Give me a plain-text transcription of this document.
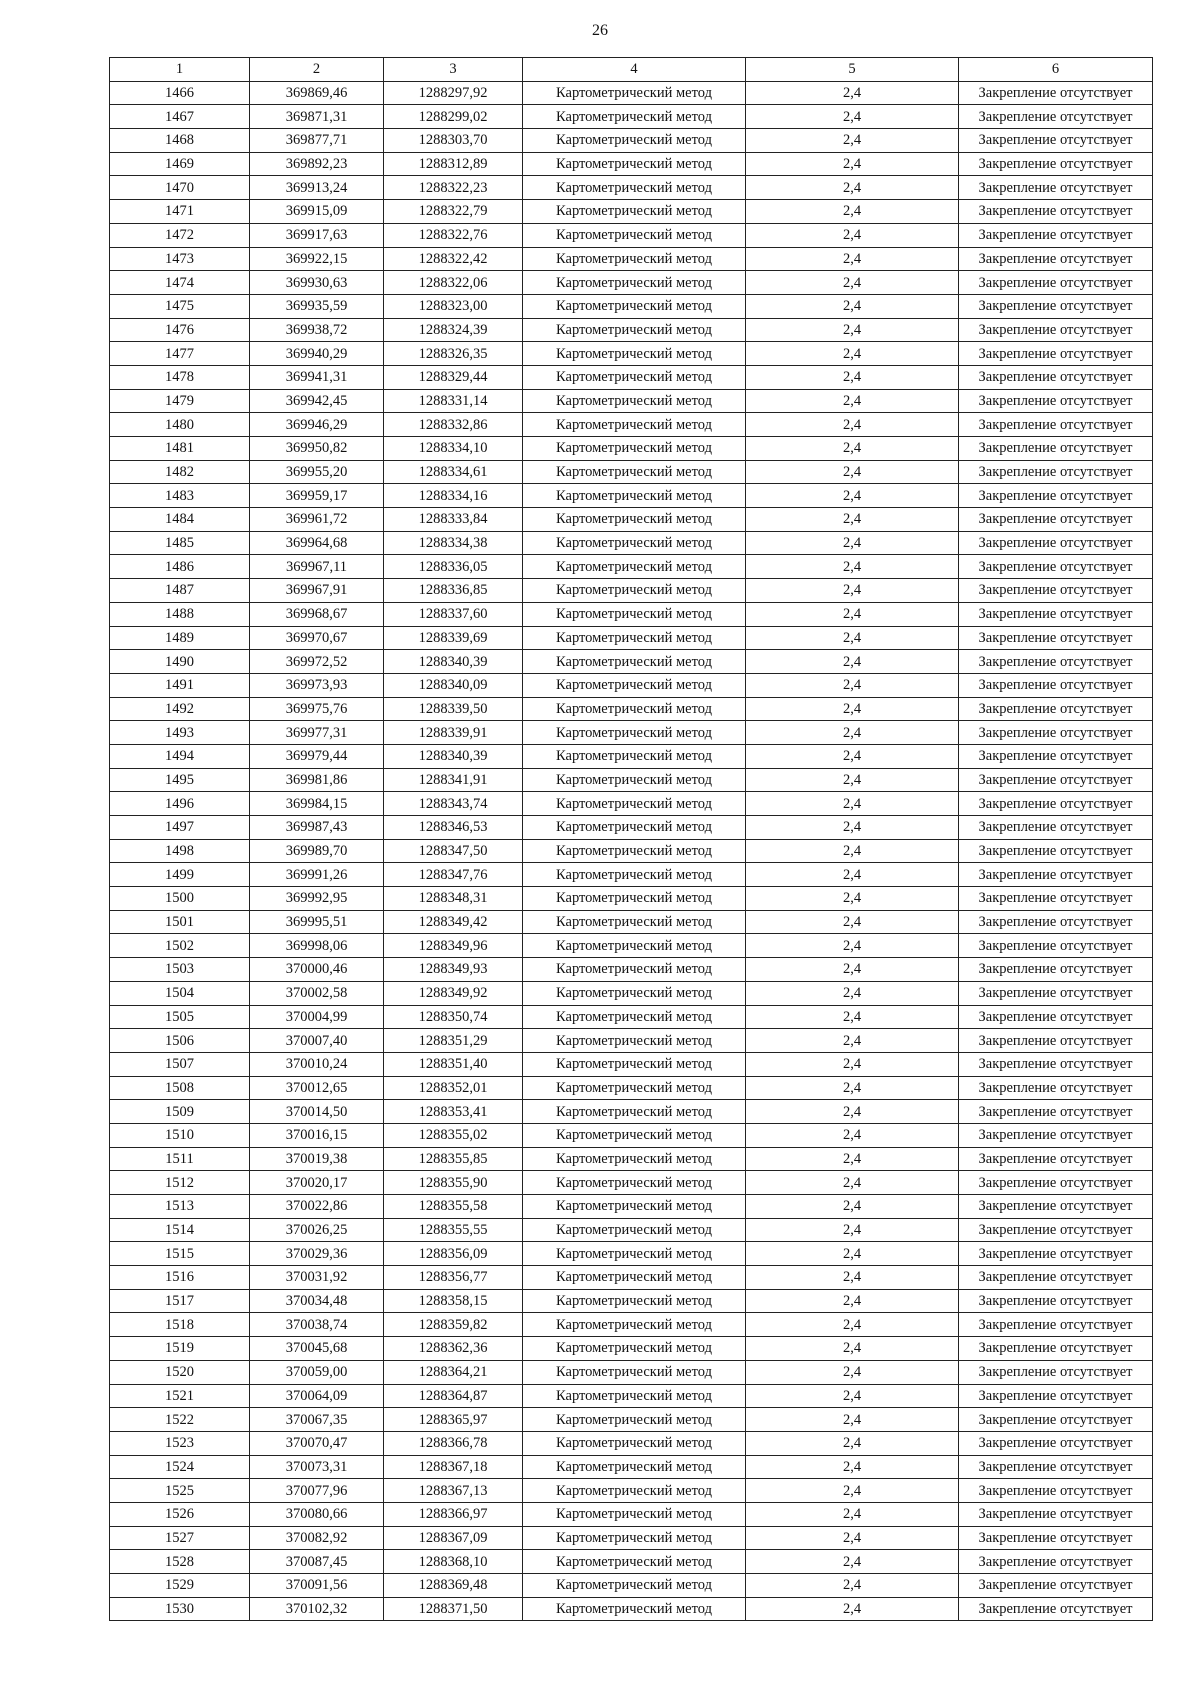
26
1	2	3	4	5	6
1466	369869,46	1288297,92	Картометрический метод	2,4	Закрепление отсутствует
1467	369871,31	1288299,02	Картометрический метод	2,4	Закрепление отсутствует
1468	369877,71	1288303,70	Картометрический метод	2,4	Закрепление отсутствует
1469	369892,23	1288312,89	Картометрический метод	2,4	Закрепление отсутствует
1470	369913,24	1288322,23	Картометрический метод	2,4	Закрепление отсутствует
1471	369915,09	1288322,79	Картометрический метод	2,4	Закрепление отсутствует
1472	369917,63	1288322,76	Картометрический метод	2,4	Закрепление отсутствует
1473	369922,15	1288322,42	Картометрический метод	2,4	Закрепление отсутствует
1474	369930,63	1288322,06	Картометрический метод	2,4	Закрепление отсутствует
1475	369935,59	1288323,00	Картометрический метод	2,4	Закрепление отсутствует
1476	369938,72	1288324,39	Картометрический метод	2,4	Закрепление отсутствует
1477	369940,29	1288326,35	Картометрический метод	2,4	Закрепление отсутствует
1478	369941,31	1288329,44	Картометрический метод	2,4	Закрепление отсутствует
1479	369942,45	1288331,14	Картометрический метод	2,4	Закрепление отсутствует
1480	369946,29	1288332,86	Картометрический метод	2,4	Закрепление отсутствует
1481	369950,82	1288334,10	Картометрический метод	2,4	Закрепление отсутствует
1482	369955,20	1288334,61	Картометрический метод	2,4	Закрепление отсутствует
1483	369959,17	1288334,16	Картометрический метод	2,4	Закрепление отсутствует
1484	369961,72	1288333,84	Картометрический метод	2,4	Закрепление отсутствует
1485	369964,68	1288334,38	Картометрический метод	2,4	Закрепление отсутствует
1486	369967,11	1288336,05	Картометрический метод	2,4	Закрепление отсутствует
1487	369967,91	1288336,85	Картометрический метод	2,4	Закрепление отсутствует
1488	369968,67	1288337,60	Картометрический метод	2,4	Закрепление отсутствует
1489	369970,67	1288339,69	Картометрический метод	2,4	Закрепление отсутствует
1490	369972,52	1288340,39	Картометрический метод	2,4	Закрепление отсутствует
1491	369973,93	1288340,09	Картометрический метод	2,4	Закрепление отсутствует
1492	369975,76	1288339,50	Картометрический метод	2,4	Закрепление отсутствует
1493	369977,31	1288339,91	Картометрический метод	2,4	Закрепление отсутствует
1494	369979,44	1288340,39	Картометрический метод	2,4	Закрепление отсутствует
1495	369981,86	1288341,91	Картометрический метод	2,4	Закрепление отсутствует
1496	369984,15	1288343,74	Картометрический метод	2,4	Закрепление отсутствует
1497	369987,43	1288346,53	Картометрический метод	2,4	Закрепление отсутствует
1498	369989,70	1288347,50	Картометрический метод	2,4	Закрепление отсутствует
1499	369991,26	1288347,76	Картометрический метод	2,4	Закрепление отсутствует
1500	369992,95	1288348,31	Картометрический метод	2,4	Закрепление отсутствует
1501	369995,51	1288349,42	Картометрический метод	2,4	Закрепление отсутствует
1502	369998,06	1288349,96	Картометрический метод	2,4	Закрепление отсутствует
1503	370000,46	1288349,93	Картометрический метод	2,4	Закрепление отсутствует
1504	370002,58	1288349,92	Картометрический метод	2,4	Закрепление отсутствует
1505	370004,99	1288350,74	Картометрический метод	2,4	Закрепление отсутствует
1506	370007,40	1288351,29	Картометрический метод	2,4	Закрепление отсутствует
1507	370010,24	1288351,40	Картометрический метод	2,4	Закрепление отсутствует
1508	370012,65	1288352,01	Картометрический метод	2,4	Закрепление отсутствует
1509	370014,50	1288353,41	Картометрический метод	2,4	Закрепление отсутствует
1510	370016,15	1288355,02	Картометрический метод	2,4	Закрепление отсутствует
1511	370019,38	1288355,85	Картометрический метод	2,4	Закрепление отсутствует
1512	370020,17	1288355,90	Картометрический метод	2,4	Закрепление отсутствует
1513	370022,86	1288355,58	Картометрический метод	2,4	Закрепление отсутствует
1514	370026,25	1288355,55	Картометрический метод	2,4	Закрепление отсутствует
1515	370029,36	1288356,09	Картометрический метод	2,4	Закрепление отсутствует
1516	370031,92	1288356,77	Картометрический метод	2,4	Закрепление отсутствует
1517	370034,48	1288358,15	Картометрический метод	2,4	Закрепление отсутствует
1518	370038,74	1288359,82	Картометрический метод	2,4	Закрепление отсутствует
1519	370045,68	1288362,36	Картометрический метод	2,4	Закрепление отсутствует
1520	370059,00	1288364,21	Картометрический метод	2,4	Закрепление отсутствует
1521	370064,09	1288364,87	Картометрический метод	2,4	Закрепление отсутствует
1522	370067,35	1288365,97	Картометрический метод	2,4	Закрепление отсутствует
1523	370070,47	1288366,78	Картометрический метод	2,4	Закрепление отсутствует
1524	370073,31	1288367,18	Картометрический метод	2,4	Закрепление отсутствует
1525	370077,96	1288367,13	Картометрический метод	2,4	Закрепление отсутствует
1526	370080,66	1288366,97	Картометрический метод	2,4	Закрепление отсутствует
1527	370082,92	1288367,09	Картометрический метод	2,4	Закрепление отсутствует
1528	370087,45	1288368,10	Картометрический метод	2,4	Закрепление отсутствует
1529	370091,56	1288369,48	Картометрический метод	2,4	Закрепление отсутствует
1530	370102,32	1288371,50	Картометрический метод	2,4	Закрепление отсутствует
